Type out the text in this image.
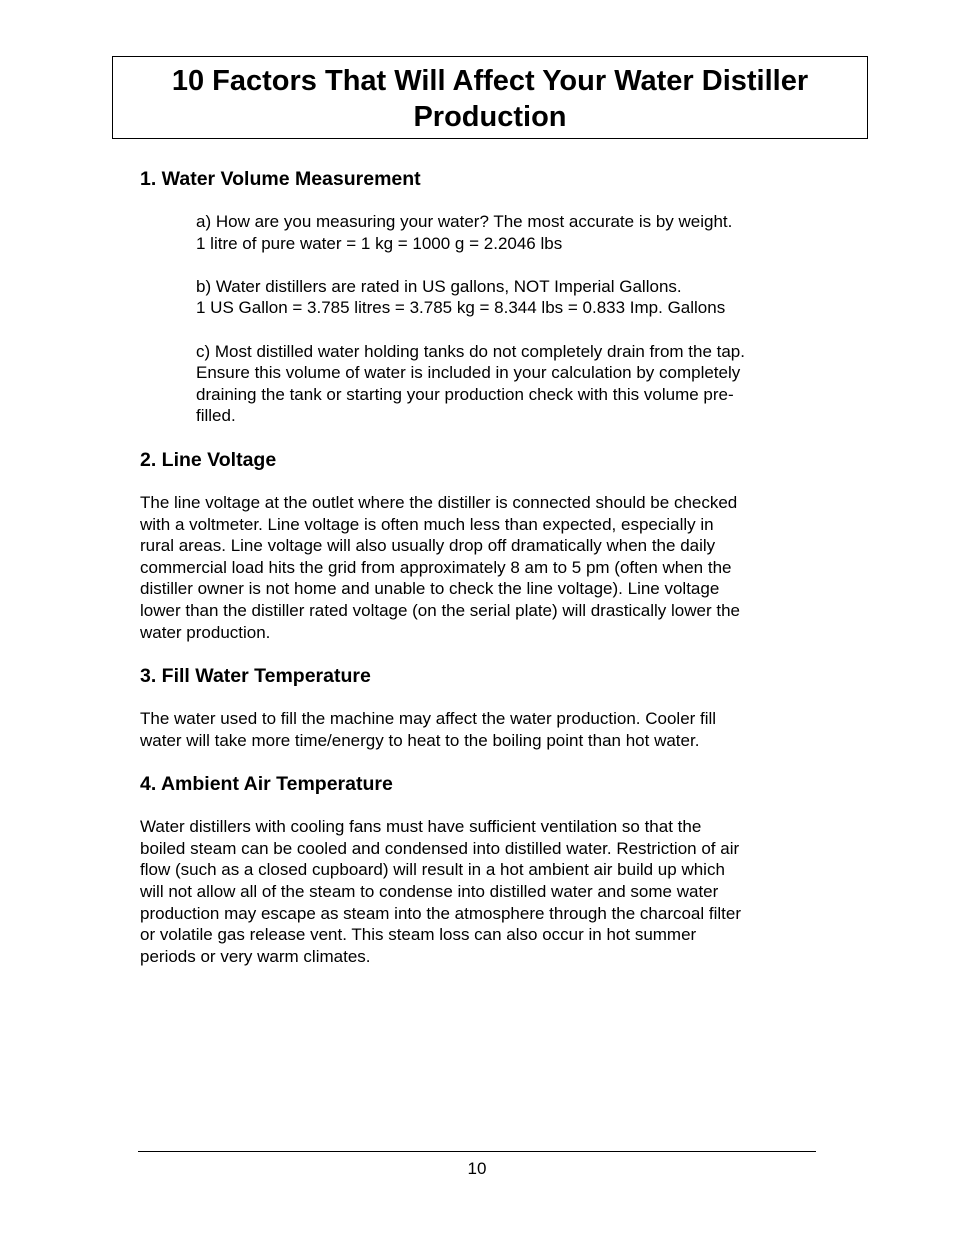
10 Factors That Will Affect Your Water Distiller
Production
1. Water Volume Measurement

a) How are you measuring your water? The most accurate is by weight.
1 litre of pure water = 1 kg = 1000 g = 2.2046 lbs

b) Water distillers are rated in US gallons, NOT Imperial Gallons.
1 US Gallon = 3.785 litres = 3.785 kg = 8.344 lbs = 0.833 Imp. Gallons

c) Most distilled water holding tanks do not completely drain from the tap.
Ensure this volume of water is included in your calculation by completely
draining the tank or starting your production check with this volume pre-
filled.

2. Line Voltage

The line voltage at the outlet where the distiller is connected should be checked
with a voltmeter. Line voltage is often much less than expected, especially in
rural areas. Line voltage will also usually drop off dramatically when the daily
commercial load hits the grid from approximately 8 am to 5 pm (often when the
distiller owner is not home and unable to check the line voltage). Line voltage
lower than the distiller rated voltage (on the serial plate) will drastically lower the
water production.

3. Fill Water Temperature

The water used to fill the machine may affect the water production. Cooler fill
water will take more time/energy to heat to the boiling point than hot water.

4. Ambient Air Temperature

Water distillers with cooling fans must have sufficient ventilation so that the
boiled steam can be cooled and condensed into distilled water. Restriction of air
flow (such as a closed cupboard) will result in a hot ambient air build up which
will not allow all of the steam to condense into distilled water and some water
production may escape as steam into the atmosphere through the charcoal filter
or volatile gas release vent. This steam loss can also occur in hot summer
periods or very warm climates.

10
